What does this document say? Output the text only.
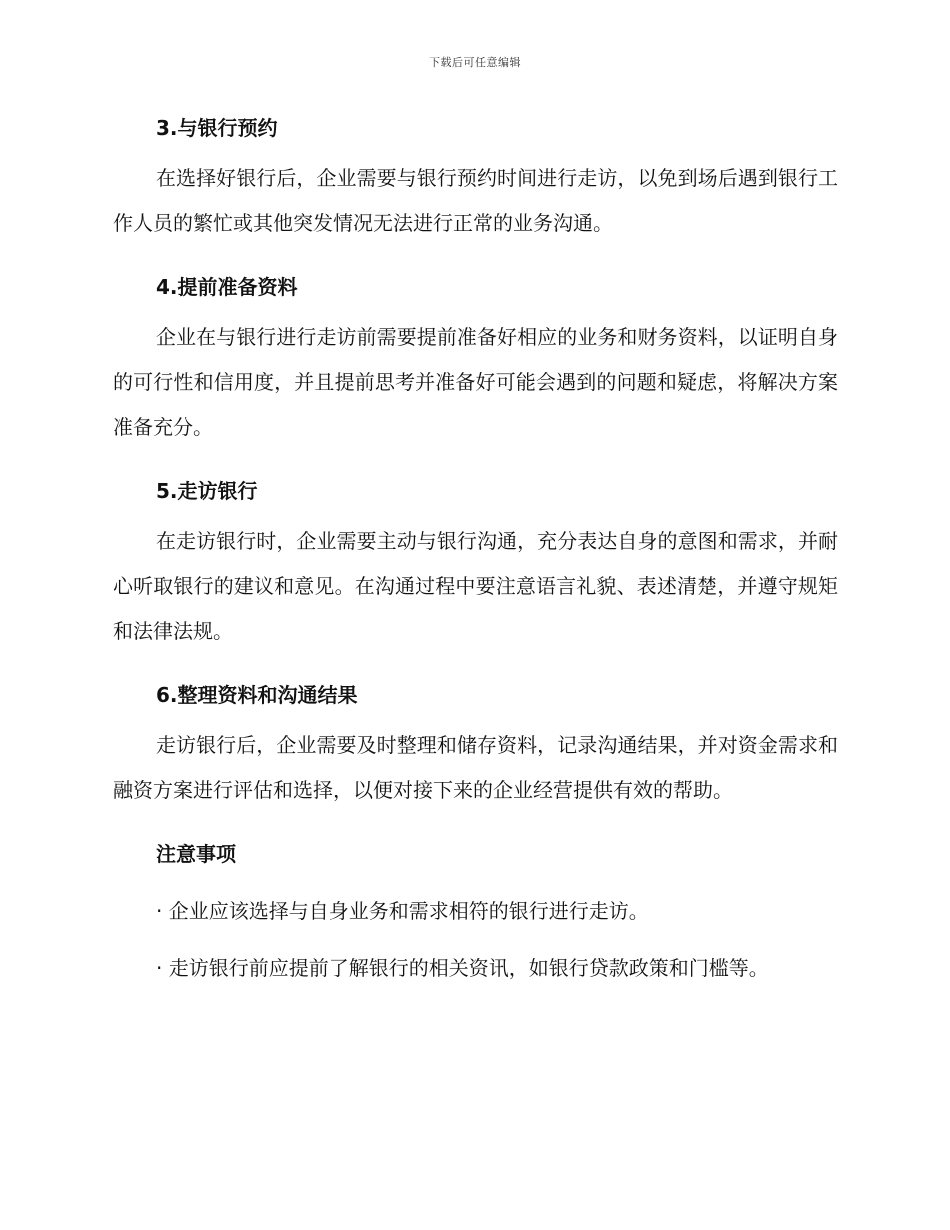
下载后可任意编辑

3.与银行预约

在选择好银行后，企业需要与银行预约时间进行走访，以免到场后遇到银行工作人员的繁忙或其他突发情况无法进行正常的业务沟通。

4.提前准备资料

企业在与银行进行走访前需要提前准备好相应的业务和财务资料，以证明自身的可行性和信用度，并且提前思考并准备好可能会遇到的问题和疑虑，将解决方案准备充分。

5.走访银行

在走访银行时，企业需要主动与银行沟通，充分表达自身的意图和需求，并耐心听取银行的建议和意见。在沟通过程中要注意语言礼貌、表述清楚，并遵守规矩和法律法规。

6.整理资料和沟通结果

走访银行后，企业需要及时整理和储存资料，记录沟通结果，并对资金需求和融资方案进行评估和选择，以便对接下来的企业经营提供有效的帮助。

注意事项

· 企业应该选择与自身业务和需求相符的银行进行走访。

· 走访银行前应提前了解银行的相关资讯，如银行贷款政策和门槛等。
